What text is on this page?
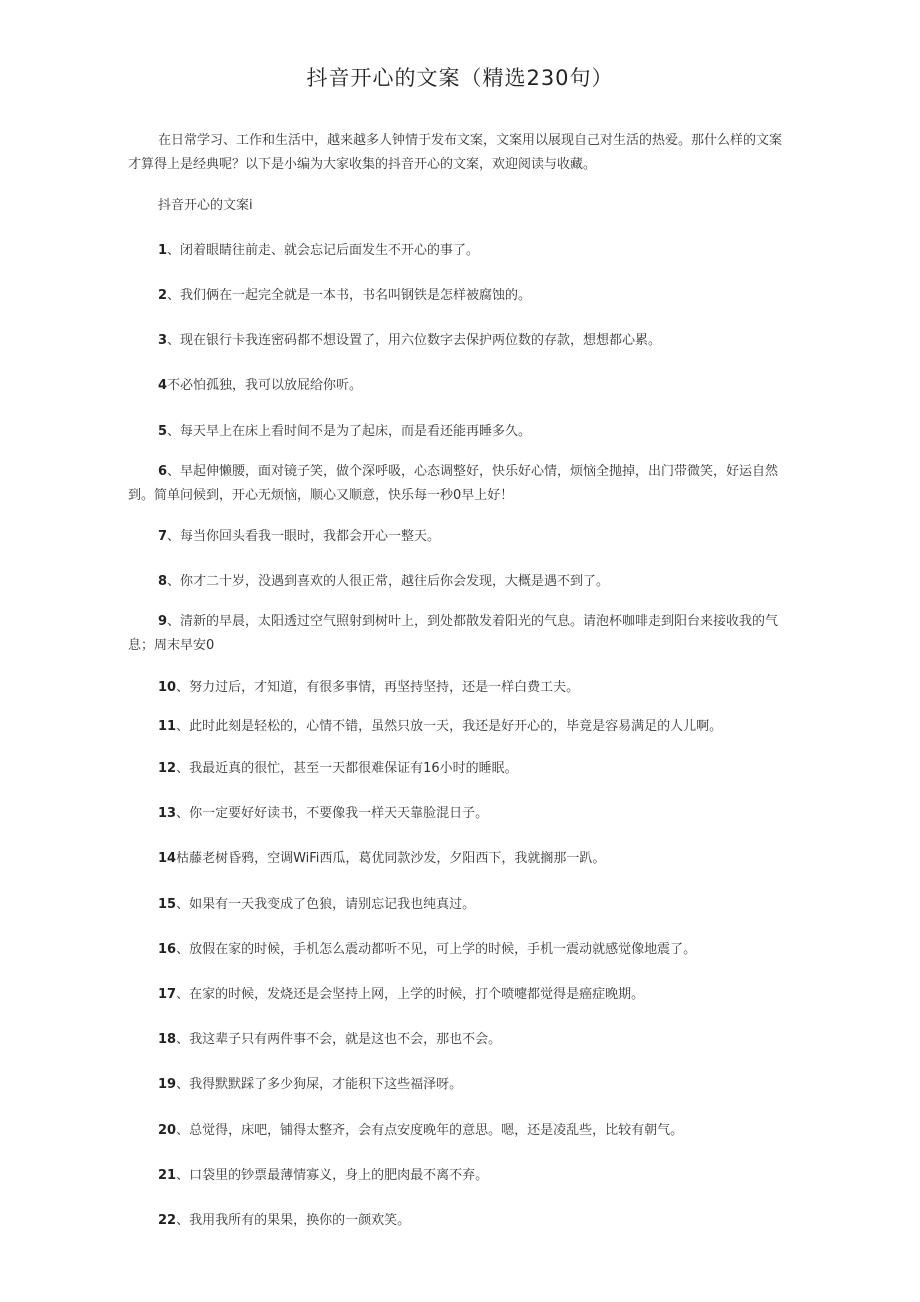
抖音开心的文案（精选230句）
在日常学习、工作和生活中，越来越多人钟情于发布文案，文案用以展现自己对生活的热爱。那什么样的文案才算得上是经典呢？以下是小编为大家收集的抖音开心的文案，欢迎阅读与收藏。
抖音开心的文案i
1、闭着眼睛往前走、就会忘记后面发生不开心的事了。
2、我们俩在一起完全就是一本书，书名叫钢铁是怎样被腐蚀的。
3、现在银行卡我连密码都不想设置了，用六位数字去保护两位数的存款，想想都心累。
4不必怕孤独，我可以放屁给你听。
5、每天早上在床上看时间不是为了起床，而是看还能再睡多久。
6、早起伸懒腰，面对镜子笑，做个深呼吸，心态调整好，快乐好心情，烦恼全抛掉，出门带微笑，好运自然到。简单问候到，开心无烦恼，顺心又顺意，快乐每一秒0早上好！
7、每当你回头看我一眼时，我都会开心一整天。
8、你才二十岁，没遇到喜欢的人很正常，越往后你会发现，大概是遇不到了。
9、清新的早晨，太阳透过空气照射到树叶上，到处都散发着阳光的气息。请泡杯咖啡走到阳台来接收我的气息；周末早安0
10、努力过后，才知道，有很多事情，再坚持坚持，还是一样白费工夫。
11、此时此刻是轻松的，心情不错，虽然只放一天，我还是好开心的，毕竟是容易满足的人儿啊。
12、我最近真的很忙，甚至一天都很难保证有16小时的睡眠。
13、你一定要好好读书，不要像我一样天天靠脸混日子。
14枯藤老树昏鸦，空调WiFi西瓜，葛优同款沙发，夕阳西下，我就搁那一趴。
15、如果有一天我变成了色狼，请别忘记我也纯真过。
16、放假在家的时候，手机怎么震动都听不见，可上学的时候，手机一震动就感觉像地震了。
17、在家的时候，发烧还是会坚持上网，上学的时候，打个喷嚏都觉得是癌症晚期。
18、我这辈子只有两件事不会，就是这也不会，那也不会。
19、我得默默踩了多少狗屎，才能积下这些福泽呀。
20、总觉得，床吧，铺得太整齐，会有点安度晚年的意思。嗯，还是凌乱些，比较有朝气。
21、口袋里的钞票最薄情寡义，身上的肥肉最不离不弃。
22、我用我所有的果果，换你的一颜欢笑。
